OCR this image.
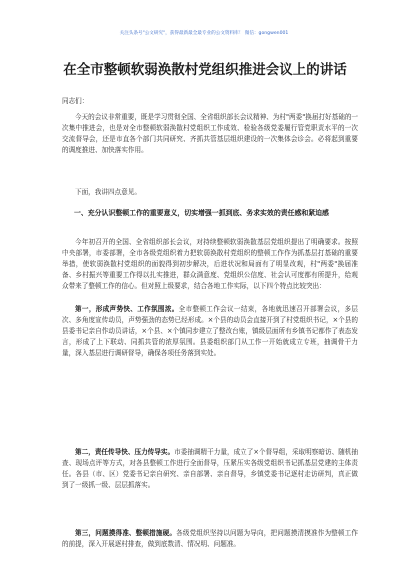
关注头条号"公文研究"，获得最新最全最专业的公文资料库！ 微信：gongwen001
在全市整顿软弱涣散村党组织推进会议上的讲话
同志们：

今天的会议非常重要，既是学习贯彻全国、全省组织部长会议精神、为村"两委"换届打好基础的一次集中推进会，也是对全市整顿软弱涣散村党组织工作成效、检验各级党委履行管党职责水平的一次交流督导会，还是市直各个部门共同研究、齐抓共管基层组织建设的一次集体会诊会。必将起到重要的调度推进、加快落实作用。

下面，我讲四点意见。

一、充分认识整顿工作的重要意义，切实增强一抓到底、务求实效的责任感和紧迫感

今年初召开的全国、全省组织部长会议，对持续整顿软弱涣散基层党组织提出了明确要求。按照中央部署，市委部署，全市各级党组织着力把软弱涣散村党组织的整顿工作作为抓基层打基础的重要举措，使软弱涣散村党组织的面貌得到初步解决，后进状况和局面有了明显改观，村"两委"换届准备、乡村振兴等重要工作得以扎实推进，群众满意度、党组织公信度、社会认可度都有所提升，给观众带来了整顿工作的信心。但对照上级要求，结合各地工作实际，以下四个特点比较突出：

第一，形成声势快、工作氛围浓。全市整顿工作会议一结束，各地就迅速召开部署会议，多层次、多角度宣传动员，声势强劲的态势已经形成。×个县的动员会直接开到了村党组织书记，×个县的县委书记亲自作动员讲话，×个县、×个镇同步建立了整改台账，镇级层面所有乡镇书记都作了表态发言，形成了上下联动、同抓共管的浓厚氛围。县委组织部门从工作一开始就成立专班，抽调骨干力量，深入基层进行调研督导，确保各项任务落到实处。

第二，责任传导快、压力传导实。市委抽调精干力量，成立了×个督导组，采取明察暗访、随机抽查、现场点评等方式，对各县整顿工作进行全面督导，压紧压实各级党组织书记抓基层党建的主体责任。各县（市、区）党委书记亲自研究、亲自部署、亲自督导，乡镇党委书记逐村走访研判，真正做到了一级抓一级、层层抓落实。

第三，问题摸得准、整顿措施硬。各级党组织坚持以问题为导向，把问题摸清摸准作为整顿工作的前提，深入开展逐村排查，做到底数清、情况明、问题准。
